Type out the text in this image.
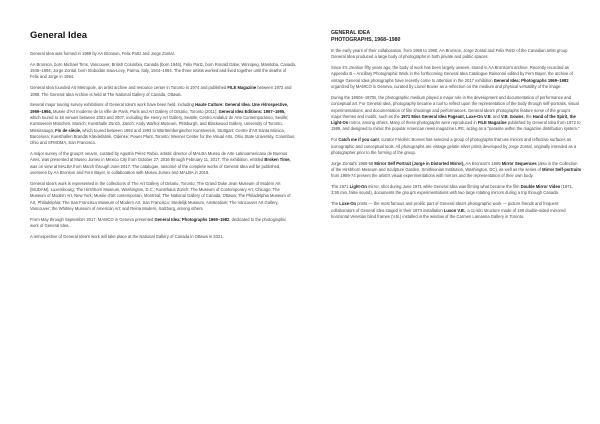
General Idea

General Idea was formed in 1969 by AA Bronson, Felix Partz and Jorge Zontal.

AA Bronson, born Michael Tims, Vancouver, British Columbia, Canada (born 1946), Felix Partz, born Ronald Gabe, Winnipeg, Manitoba, Canada, 1945–1994; Jorge Zontal, born Slobodan Saia-Levy, Parma, Italy, 1944–1994. The three artists worked and lived together until the deaths of Felix and Jorge in 1994.

General Idea founded Art Metropole, an artist archive and resource center in Toronto in 1974 and published FILE Magazine between 1972 and 1989. The General Idea Archive is held at The National Gallery of Canada, Ottawa.

Several major touring survey exhibitions of General Idea's work have been held, including Haute Culture: General Idea. Une rétrospective, 1969–1994, Musée d'Art moderne de la Ville de Paris, Paris and Art Gallery of Ontario, Toronto (2011); General Idea Editions: 1967–1995, which toured to 18 venues between 2003 and 2007, including the Henry Art Gallery, Seattle; Centro Andaluz de Arte Contemporáneo, Seville; Kunstverein München, Munich; Kunsthalle Zürich, Zürich; Andy Warhol Museum, Pittsburgh, and Blackwood Gallery, University of Toronto, Mississauga; Fin de siècle, which toured between 1992 and 1993 to Württembergischer Kunstverein, Stuttgart; Centre d'Art Santa Mònica, Barcelona; Kunsthallen Brandts Klædefabrik, Odense; Power Plant, Toronto; Wexner Center for the Visual Arts, Ohio State University, Columbus, Ohio and SFMOMA, San Francisco.

A major survey of the group's oeuvre, curated by Agustín Pérez Rubio, artistic director of MALBA Museo de Arte Latinoamericano de Buenos Aires, was presented at Museo Jumex in Mexico City from October 27, 2016 through February 11, 2017. The exhibition, entitled Broken Time, was on view at MALBA from March through June 2017. The catalogue, raisonné of the complete works of General Idea will be published, overseen by AA Bronson and Fern Bayer, in collaboration with Museo Jumex and MALBA in 2018.

General Idea's work is represented in the collections of The Art Gallery of Ontario, Toronto; The Grand Duke Jean Museum of Modern Art (MUDAM), Luxembourg; The Hirshhorn Museum, Washington, D.C.; Kunsthaus Zürich; The Museum of Contemporary Art, Chicago; The Museum of Modern Art, New York; Musée d'art contemporain, Montréal; The National Gallery of Canada, Ottawa; The Philadelphia Museum of Art, Philadelphia; The San Francisco Museum of Modern Art, San Francisco; Stedelijk Museum, Amsterdam; The Vancouver Art Gallery, Vancouver; the Whitney Museum of American Art; and Reina Modern, Salzburg, among others.

From May through September 2017, MAMCO in Geneva presented General Idea: Photographs 1969–1982, dedicated to the photographic work of General Idea.

A retrospective of General Idea's work will take place at the National Gallery of Canada in Ottawa in 2021.

GENERAL IDEA
PHOTOGRAPHS, 1968–1980

In the early years of their collaboration, from 1969 to 1980, AA Bronson, Jorge Zontal and Felix Partz of the Canadian artist group General Idea produced a large body of photographs in both private and public spaces.

Since it's creation fifty years ago, the body of work has been largely unseen, stored in AA Bronson's archive. Recently recorded as Appendix B – Ancillary Photographic Work in the forthcoming General Idea Catalogue Raisonné edited by Fern Bayer, the archive of vintage General Idea photographs have recently come to attention in the 2017 exhibition General Idea: Photographs 1969–1982 organized by MAMCO in Geneva, curated by Lionel Bovier as a reflection on the medium and physical versatility of the image.

During the 1960s–1970s, the photographic medium played a major role in the development and documentation of performance and conceptual art. For General Idea, photography became a tool to reflect upon the representation of the body through self-portraits, visual experimentations, and documentation of film shootings and performances. General Idea's photographs feature some of the group's major themes and motifs, such as the 1971 Miss General Idea Pageant, Luxe-On V.B. and V.B. Gowns, the Hand of the Spirit, the Light-On mirror, among others. Many of these photographs were reproduced in FILE Magazine published by General Idea from 1972 to 1989, and designed to mimic the popular American news magazine LIFE, acting as a "parasite within the magazine distribution system."

For Catch me if you can!, curator Frédéric Bonnet has selected a group of photographs that use mirrors and reflective surfaces as iconographic and conceptual tools. All photographs are vintage gelatin silver prints developed by Jorge Zontal, originally intended as a photographer prior to the forming of the group.

Jorge Zontal's 1968-69 Mirror Self Portrait (Jorge in Distorted Mirror), AA Bronson's 1969 Mirror Sequences (also in the Collection of the Hirshhorn Museum and Sculpture Garden, Smithsonian Institution, Washington, DC), as well as the series of Mirror Self-portraits from 1969-74 present the artist's visual experimentations with mirrors and the representation of their own body.

The 1971 Light-On mirror, shot during June 1971 while General Idea was filming what became the film Double Mirror Video (1971, 3:50 min, false sound), documents the group's experimentations with two large rotating mirrors during a trip through Canada.

The Luxe-On prints — the most famous and prolific part of General Idea's photographic work — picture friends and frequent collaborators of General Idea staged in their 1973 installation Luxon V.B., a 11-kilo structure made of 180 double-sided mirrored horizontal Venetian blind frames (V.B.) installed in the window of the Carmen Lamanna Gallery in Toronto.
